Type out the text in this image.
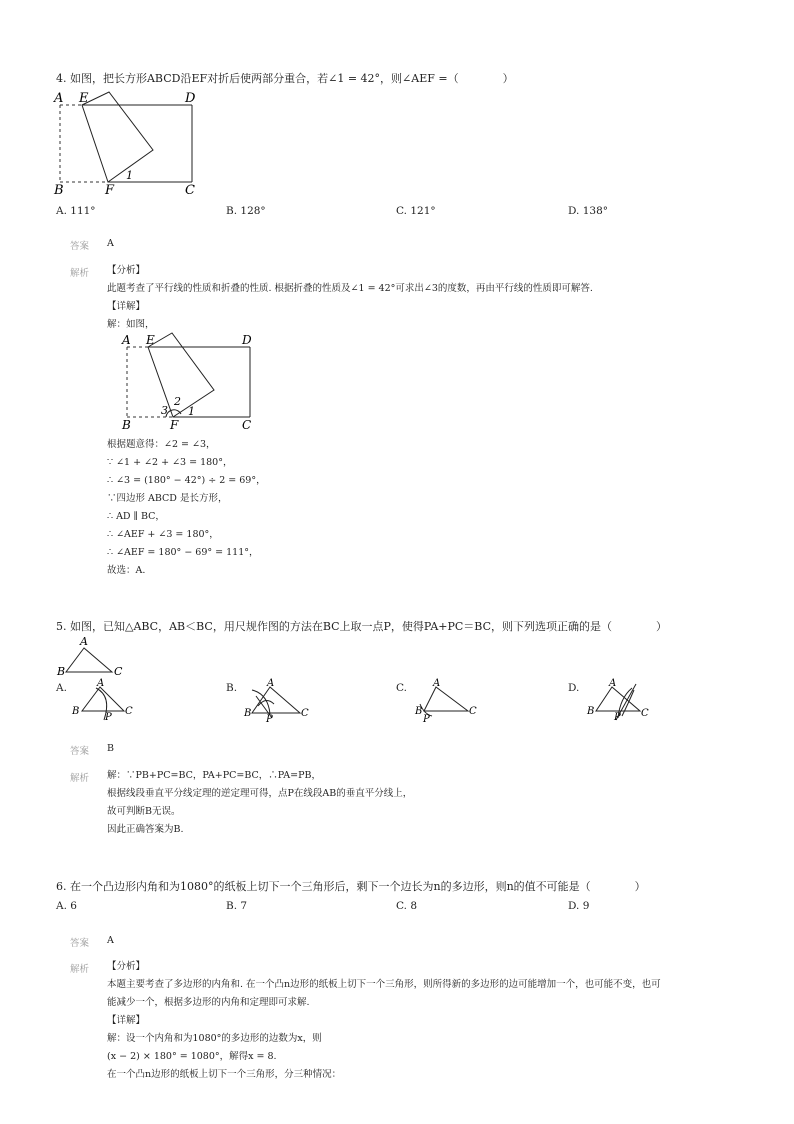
4. 如图，把长方形ABCD沿EF对折后使两部分重合，若∠1 = 42°，则∠AEF =（　　　　）
A E	D
B	F	C
1
A. 111°	B. 128°	C. 121°	D. 138°
答案 A
解析 【分析】
此题考查了平行线的性质和折叠的性质. 根据折叠的性质及∠1 = 42°可求出∠3的度数，再由平行线的性质即可解答.
【详解】
解：如图，
A E	D
B	F	C
1
2
3
根据题意得：∠2 = ∠3，
∵ ∠1 + ∠2 + ∠3 = 180°，
∴ ∠3 = (180° − 42°) ÷ 2 = 69°，
∵四边形 ABCD 是长方形，
∴ AD ∥ BC，
∴ ∠AEF + ∠3 = 180°，
∴ ∠AEF = 180° − 69° = 111°，
故选：A.
5. 如图，已知△ABC，AB＜BC，用尺规作图的方法在BC上取一点P，使得PA+PC＝BC，则下列选项正确的是（　　　　）
A
B	C
A.	A
B	C
P
B.	A
B	C
P
C.	A
B	C
P
D.	A
B	C
P
答案 B
解析 解：∵PB+PC=BC，PA+PC=BC，∴PA=PB，
根据线段垂直平分线定理的逆定理可得，点P在线段AB的垂直平分线上，
故可判断B无误。
因此正确答案为B.
6. 在一个凸边形内角和为1080°的纸板上切下一个三角形后，剩下一个边长为n的多边形，则n的值不可能是（　　　　）
A. 6	B. 7	C. 8	D. 9
答案 A
解析 【分析】
本题主要考查了多边形的内角和. 在一个凸n边形的纸板上切下一个三角形，则所得新的多边形的边可能增加一个，也可能不变，也可
能减少一个，根据多边形的内角和定理即可求解.
【详解】
解：设一个内角和为1080°的多边形的边数为x，则
(x − 2) × 180° = 1080°，解得x = 8.
在一个凸n边形的纸板上切下一个三角形，分三种情况：
